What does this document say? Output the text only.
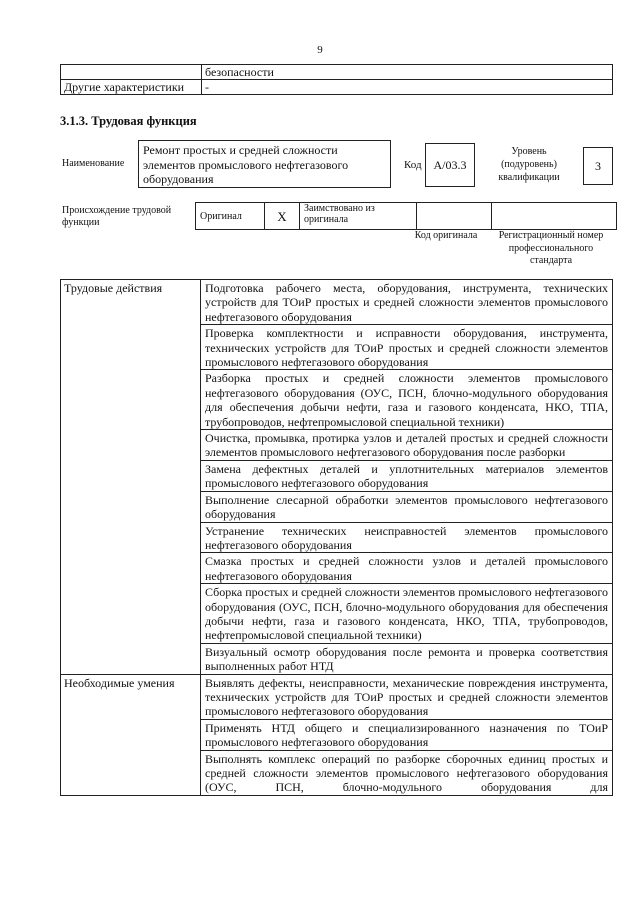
9
	безопасности
Другие характеристики	-
3.1.3. Трудовая функция
Наименование
Ремонт простых и средней сложности элементов промыслового нефтегазового оборудования
Код A/03.3
Уровень (подуровень) квалификации
3
Происхождение трудовой функции
Оригинал	X	Заимствовано из оригинала		
Код оригинала	Регистрационный номер профессионального стандарта
Трудовые действия	Подготовка рабочего места, оборудования, инструмента, технических устройств для ТОиР простых и средней сложности элементов промыслового нефтегазового оборудования
	Проверка комплектности и исправности оборудования, инструмента, технических устройств для ТОиР простых и средней сложности элементов промыслового нефтегазового оборудования
	Разборка простых и средней сложности элементов промыслового нефтегазового оборудования (ОУС, ПСН, блочно-модульного оборудования для обеспечения добычи нефти, газа и газового конденсата, НКО, ТПА, трубопроводов, нефтепромысловой специальной техники)
	Очистка, промывка, протирка узлов и деталей простых и средней сложности элементов промыслового нефтегазового оборудования после разборки
	Замена дефектных деталей и уплотнительных материалов элементов промыслового нефтегазового оборудования
	Выполнение слесарной обработки элементов промыслового нефтегазового оборудования
	Устранение технических неисправностей элементов промыслового нефтегазового оборудования
	Смазка простых и средней сложности узлов и деталей промыслового нефтегазового оборудования
	Сборка простых и средней сложности элементов промыслового нефтегазового оборудования (ОУС, ПСН, блочно-модульного оборудования для обеспечения добычи нефти, газа и газового конденсата, НКО, ТПА, трубопроводов, нефтепромысловой специальной техники)
	Визуальный осмотр оборудования после ремонта и проверка соответствия выполненных работ НТД
Необходимые умения	Выявлять дефекты, неисправности, механические повреждения инструмента, технических устройств для ТОиР простых и средней сложности элементов промыслового нефтегазового оборудования
	Применять НТД общего и специализированного назначения по ТОиР промыслового нефтегазового оборудования
	Выполнять комплекс операций по разборке сборочных единиц простых и средней сложности элементов промыслового нефтегазового оборудования (ОУС, ПСН, блочно-модульного оборудования для
